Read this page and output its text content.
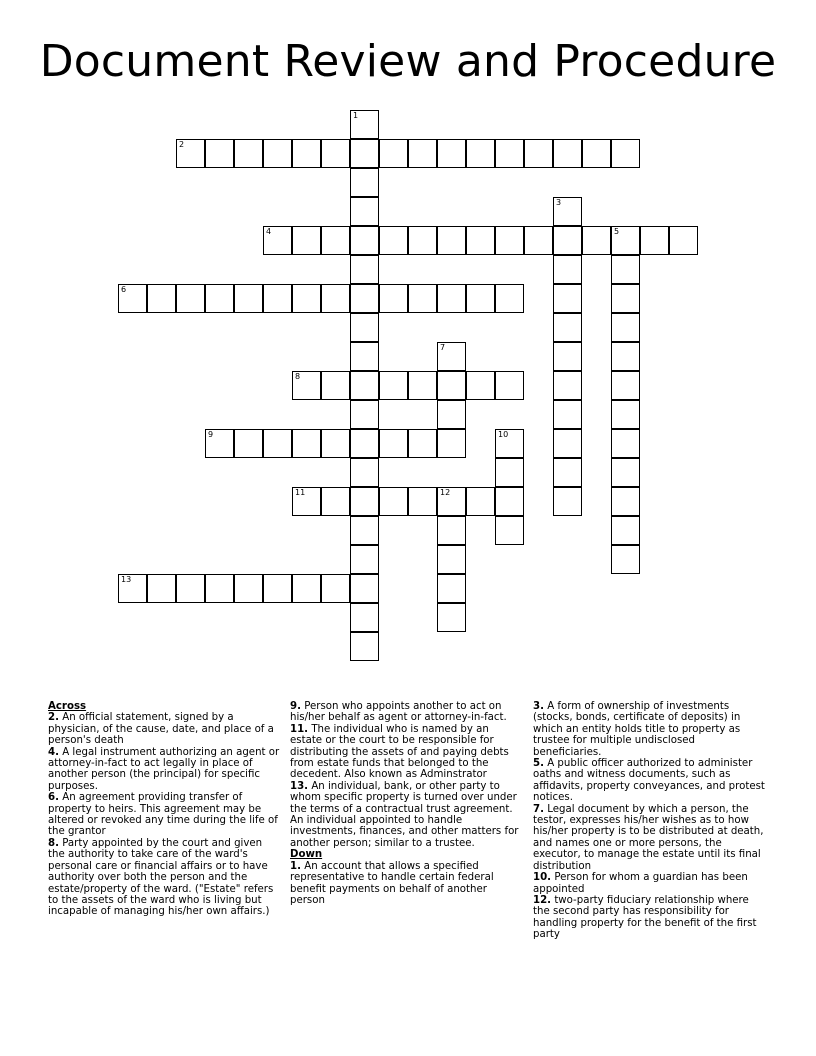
Document Review and Procedure
1
2
3
4	5
6
7
8
9	10
11	12
13
Across
2. An official statement, signed by a physician, of the cause, date, and place of a person's death
4. A legal instrument authorizing an agent or attorney-in-fact to act legally in place of another person (the principal) for specific purposes.
6. An agreement providing transfer of property to heirs. This agreement may be altered or revoked any time during the life of the grantor
8. Party appointed by the court and given the authority to take care of the ward's personal care or financial affairs or to have authority over both the person and the estate/property of the ward. ("Estate" refers to the assets of the ward who is living but incapable of managing his/her own affairs.)
9. Person who appoints another to act on his/her behalf as agent or attorney-in-fact.
11. The individual who is named by an estate or the court to be responsible for distributing the assets of and paying debts from estate funds that belonged to the decedent. Also known as Adminstrator
13. An individual, bank, or other party to whom specific property is turned over under the terms of a contractual trust agreement. An individual appointed to handle investments, finances, and other matters for another person; similar to a trustee.
Down
1. An account that allows a specified representative to handle certain federal benefit payments on behalf of another person
3. A form of ownership of investments (stocks, bonds, certificate of deposits) in which an entity holds title to property as trustee for multiple undisclosed beneficiaries.
5. A public officer authorized to administer oaths and witness documents, such as affidavits, property conveyances, and protest notices.
7. Legal document by which a person, the testor, expresses his/her wishes as to how his/her property is to be distributed at death, and names one or more persons, the executor, to manage the estate until its final distribution
10. Person for whom a guardian has been appointed
12. two-party fiduciary relationship where the second party has responsibility for handling property for the benefit of the first party
